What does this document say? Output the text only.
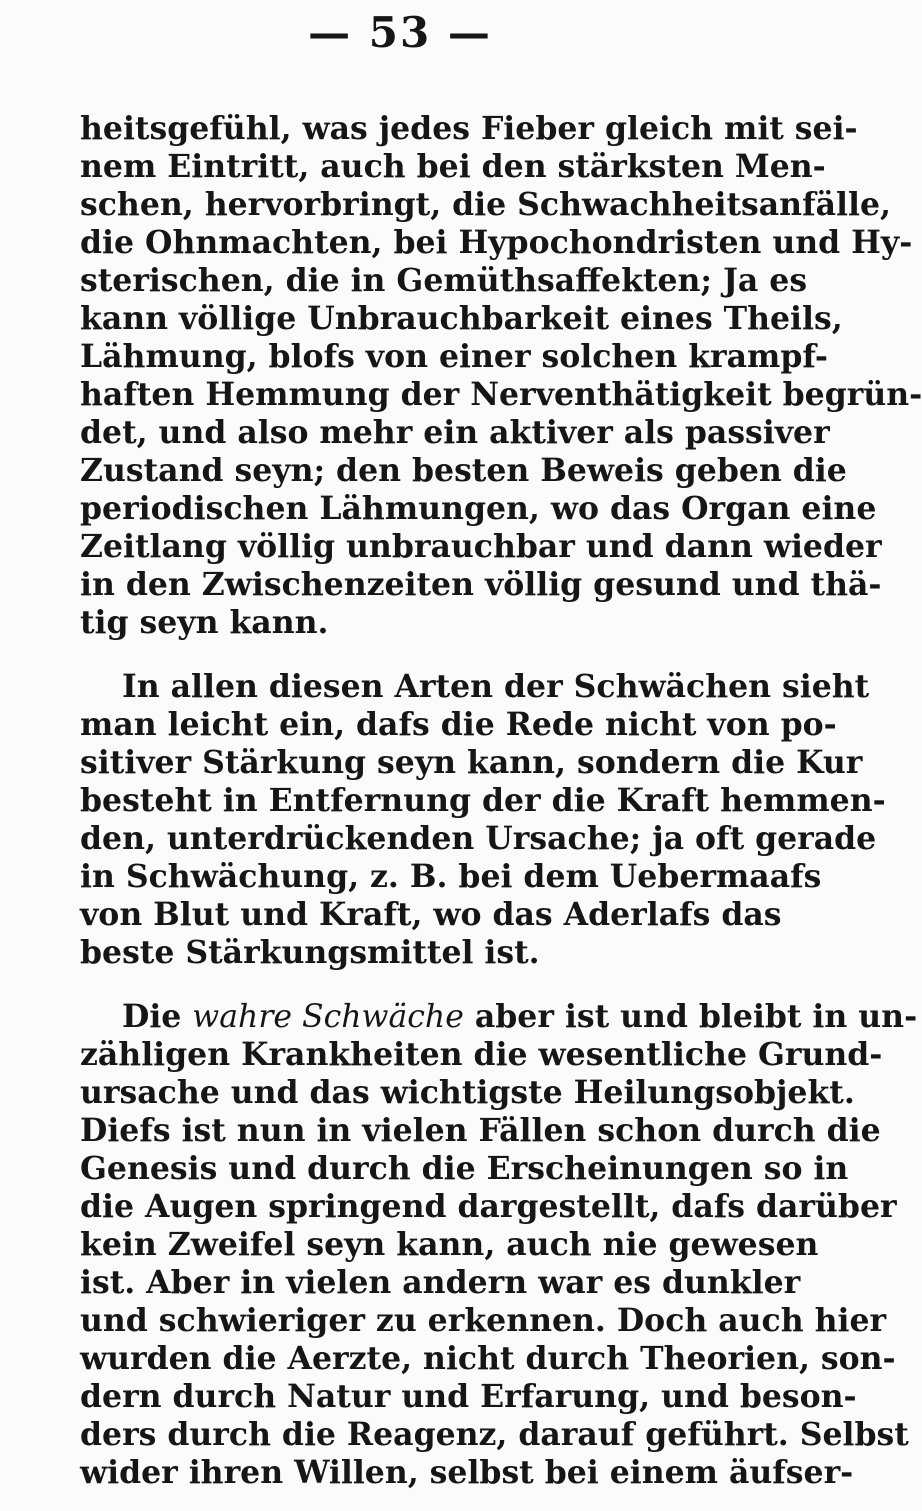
— 53 —
heitsgefühl, was jedes Fieber gleich mit sei-
nem Eintritt, auch bei den stärksten Men-
schen, hervorbringt, die Schwachheitsanfälle,
die Ohnmachten, bei Hypochondristen und Hy-
sterischen, die in Gemüthsaffekten; Ja es
kann völlige Unbrauchbarkeit eines Theils,
Lähmung, blofs von einer solchen krampf-
haften Hemmung der Nerventhätigkeit begrün-
det, und also mehr ein aktiver als passiver
Zustand seyn; den besten Beweis geben die
periodischen Lähmungen, wo das Organ eine
Zeitlang völlig unbrauchbar und dann wieder
in den Zwischenzeiten völlig gesund und thä-
tig seyn kann.
In allen diesen Arten der Schwächen sieht
man leicht ein, dafs die Rede nicht von po-
sitiver Stärkung seyn kann, sondern die Kur
besteht in Entfernung der die Kraft hemmen-
den, unterdrückenden Ursache; ja oft gerade
in Schwächung, z. B. bei dem Uebermaafs
von Blut und Kraft, wo das Aderlafs das
beste Stärkungsmittel ist.
Die wahre Schwäche aber ist und bleibt in un-
zähligen Krankheiten die wesentliche Grund-
ursache und das wichtigste Heilungsobjekt.
Diefs ist nun in vielen Fällen schon durch die
Genesis und durch die Erscheinungen so in
die Augen springend dargestellt, dafs darüber
kein Zweifel seyn kann, auch nie gewesen
ist. Aber in vielen andern war es dunkler
und schwieriger zu erkennen. Doch auch hier
wurden die Aerzte, nicht durch Theorien, son-
dern durch Natur und Erfarung, und beson-
ders durch die Reagenz, darauf geführt. Selbst
wider ihren Willen, selbst bei einem äufser-
